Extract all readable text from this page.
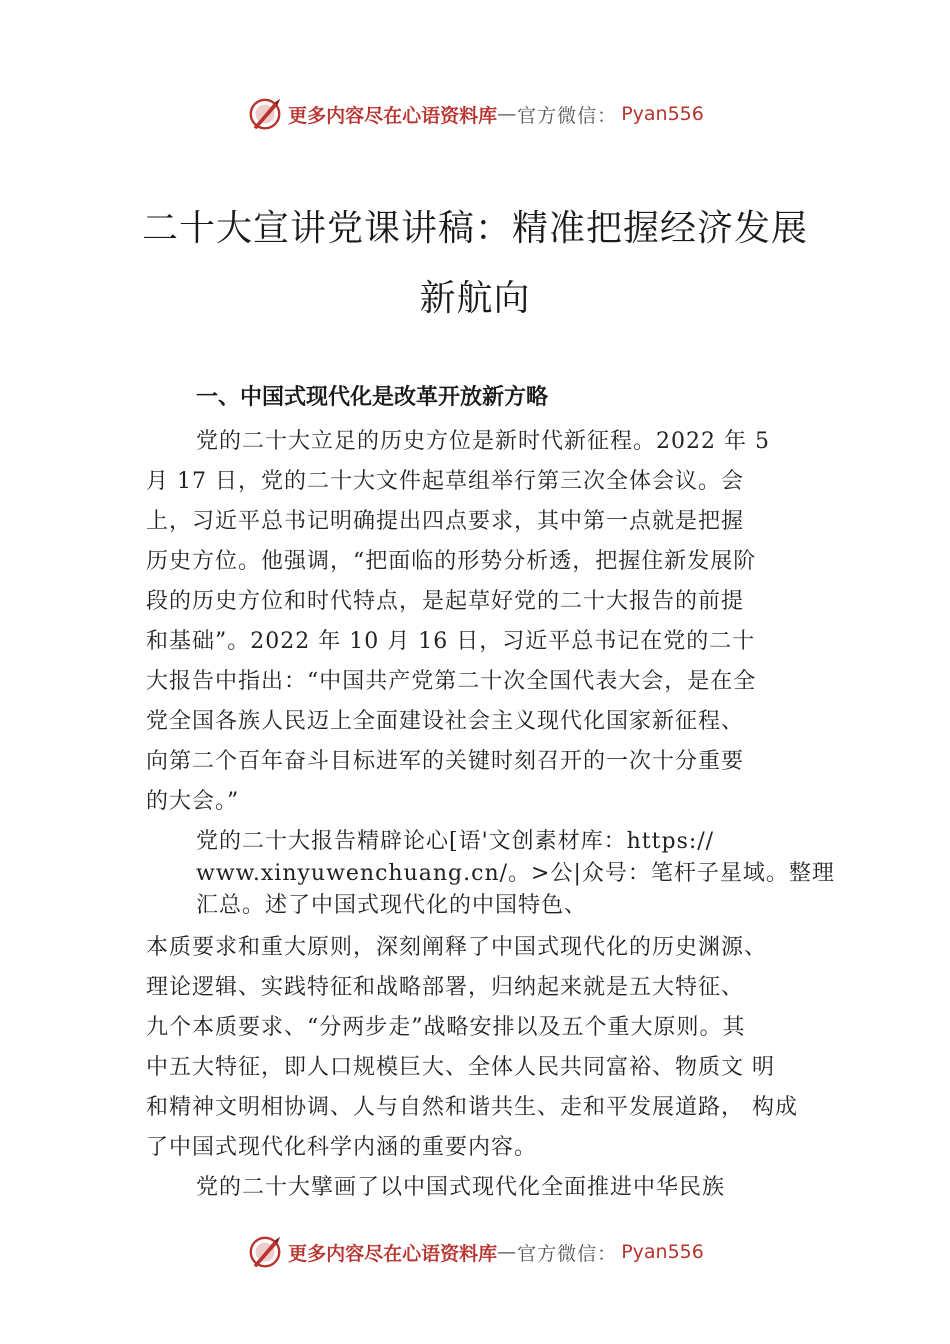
更多内容尽在心语资料库 — 官方微信： Pyan556
二十大宣讲党课讲稿：精准把握经济发展
新航向
一、中国式现代化是改革开放新方略
党的二十大立足的历史方位是新时代新征程。2022 年 5
月 17 日，党的二十大文件起草组举行第三次全体会议。会
上，习近平总书记明确提出四点要求，其中第一点就是把握
历史方位。他强调，“把面临的形势分析透，把握住新发展阶
段的历史方位和时代特点，是起草好党的二十大报告的前提
和基础”。2022 年 10 月 16 日，习近平总书记在党的二十
大报告中指出：“中国共产党第二十次全国代表大会，是在全
党全国各族人民迈上全面建设社会主义现代化国家新征程、
向第二个百年奋斗目标进军的关键时刻召开的一次十分重要
的大会。”
党的二十大报告精辟论心[语'文创素材库：https://
www.xinyuwenchuang.cn/。>公|众号：笔杆子星域。整理
汇总。述了中国式现代化的中国特色、
本质要求和重大原则，深刻阐释了中国式现代化的历史渊源、
理论逻辑、实践特征和战略部署，归纳起来就是五大特征、
九个本质要求、“分两步走”战略安排以及五个重大原则。其
中五大特征，即人口规模巨大、全体人民共同富裕、物质文 明
和精神文明相协调、人与自然和谐共生、走和平发展道路， 构成
了中国式现代化科学内涵的重要内容。
党的二十大擘画了以中国式现代化全面推进中华民族
更多内容尽在心语资料库 — 官方微信： Pyan556
